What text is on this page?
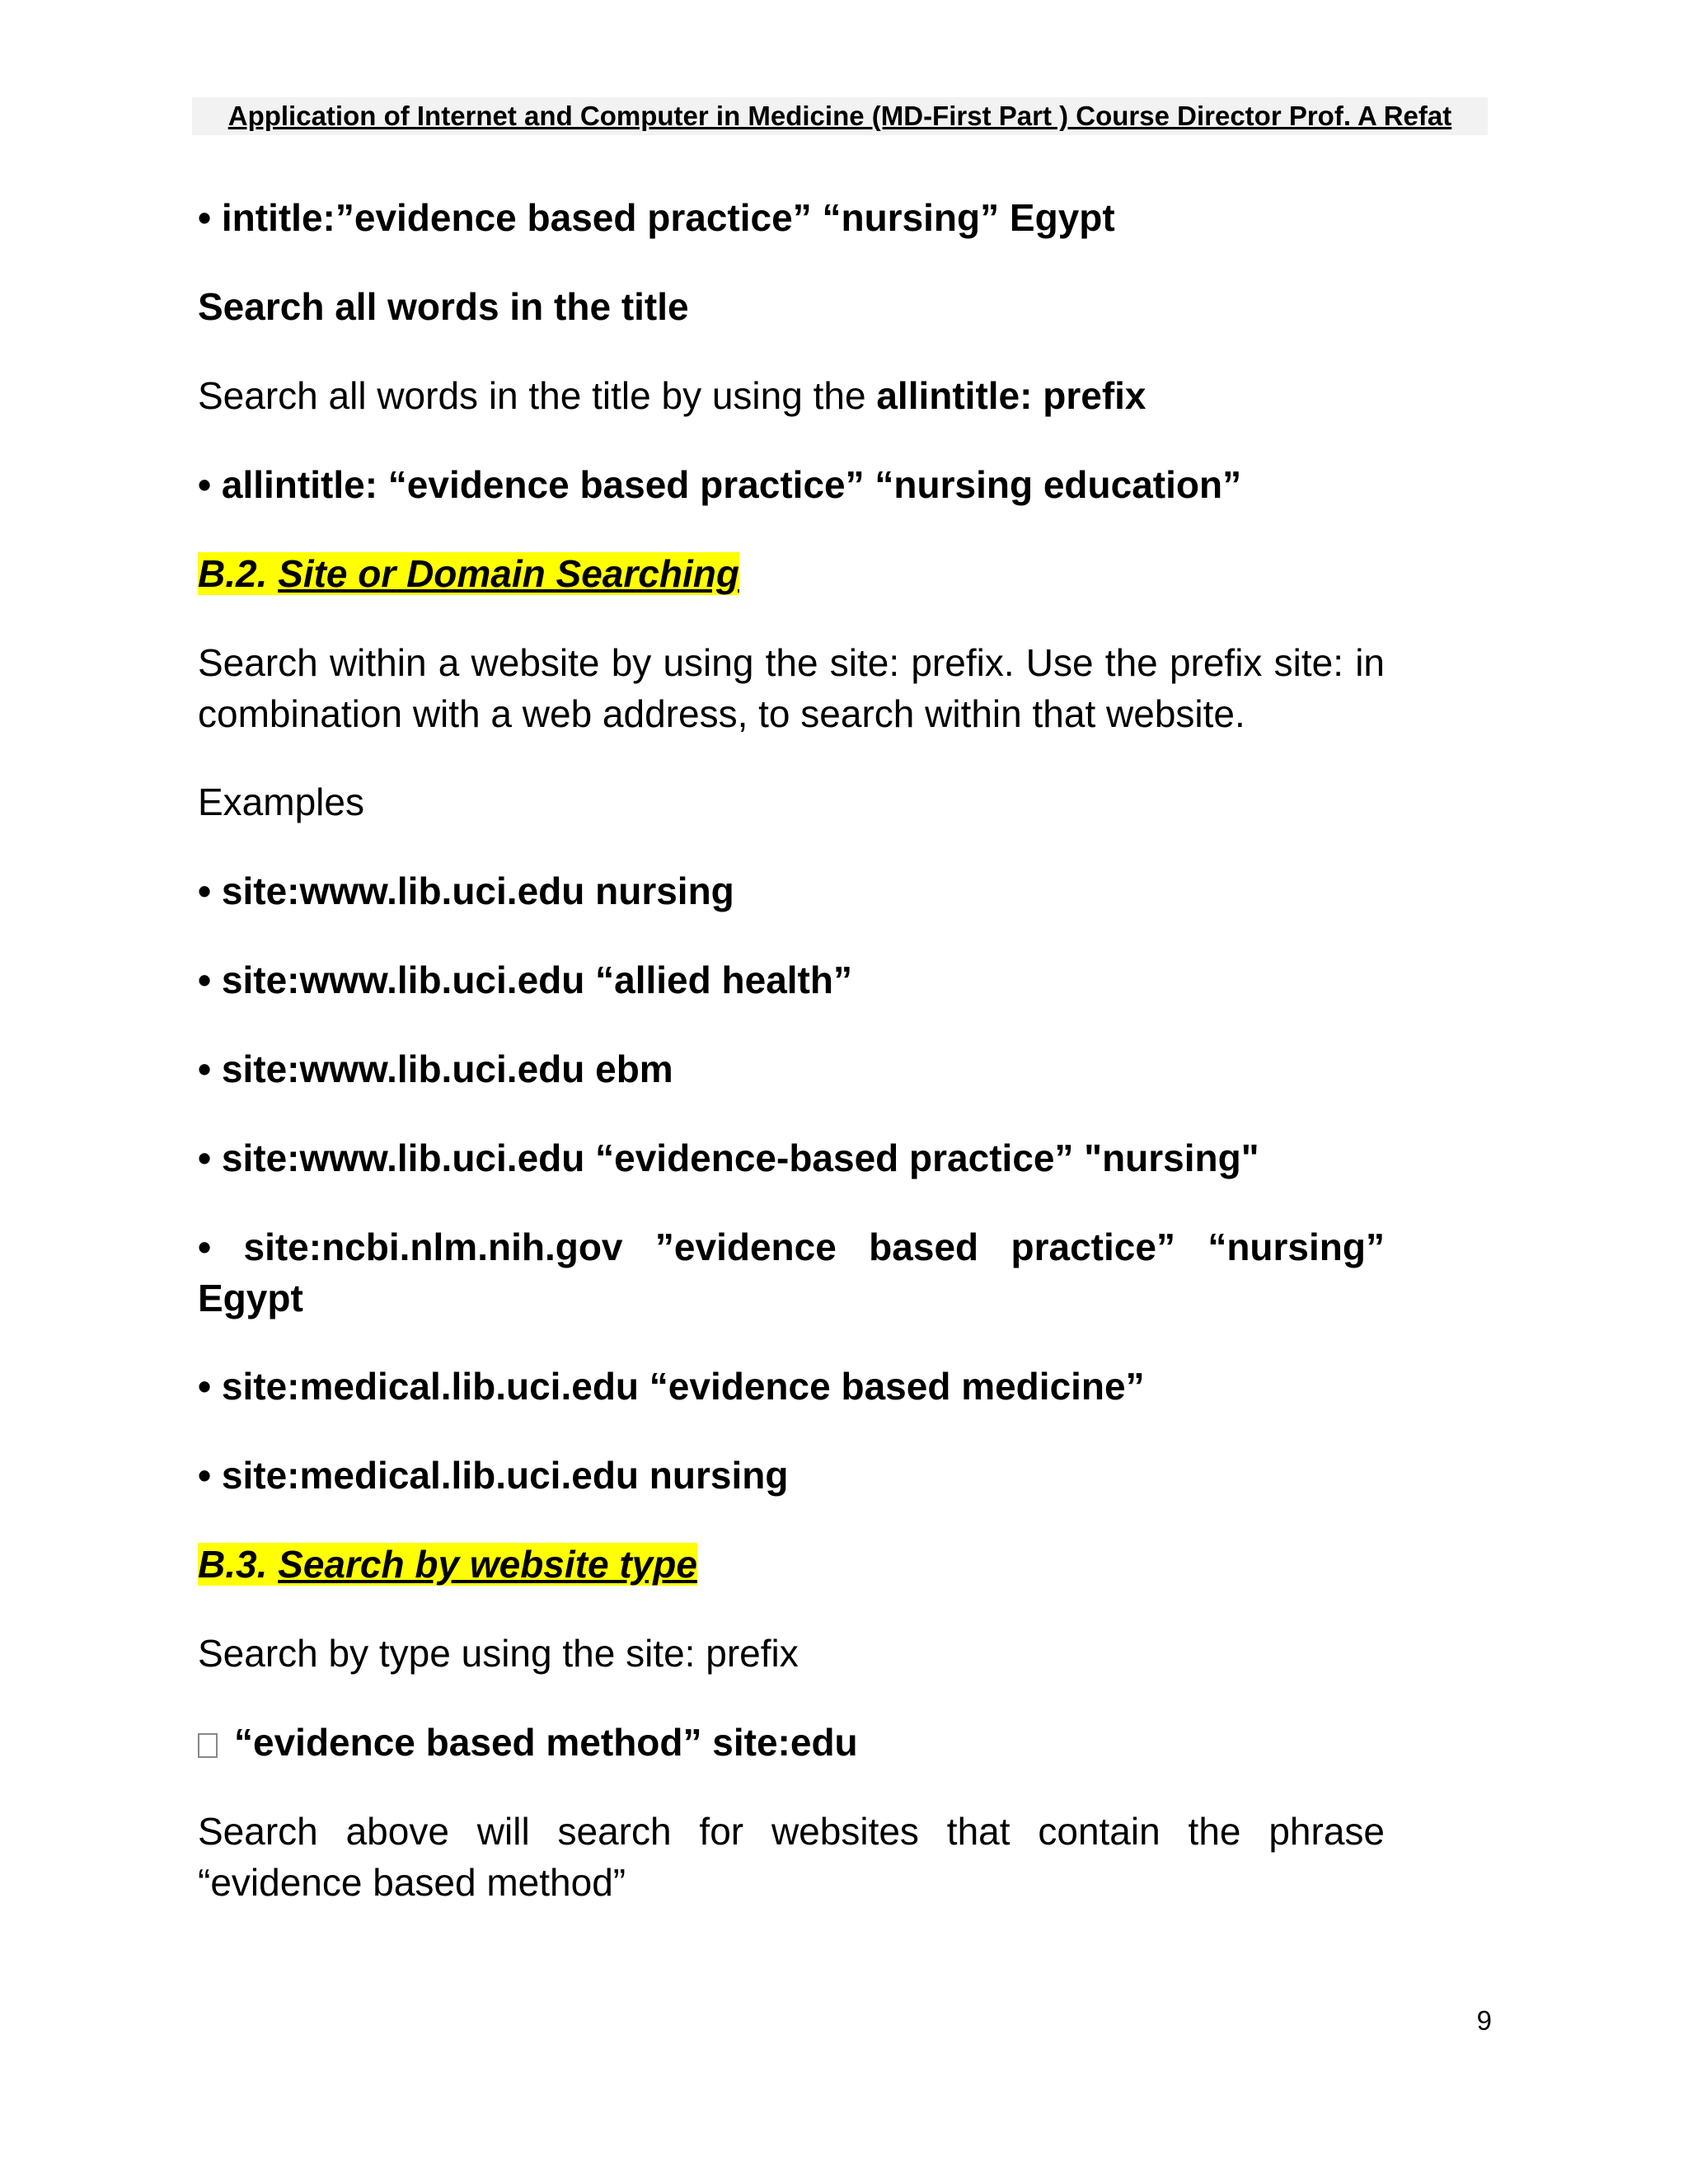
Application of Internet and Computer in Medicine (MD-First Part ) Course Director Prof. A Refat

• intitle:”evidence based practice” “nursing” Egypt

Search all words in the title

Search all words in the title by using the allintitle: prefix

• allintitle: “evidence based practice” “nursing education”

B.2. Site or Domain Searching

Search within a website by using the site: prefix. Use the prefix site: in combination with a web address, to search within that website.

Examples

• site:www.lib.uci.edu nursing

• site:www.lib.uci.edu “allied health”

• site:www.lib.uci.edu ebm

• site:www.lib.uci.edu “evidence-based practice” "nursing"

• site:ncbi.nlm.nih.gov ”evidence based practice” “nursing” Egypt

• site:medical.lib.uci.edu “evidence based medicine”

• site:medical.lib.uci.edu nursing

B.3. Search by website type

Search by type using the site: prefix

“evidence based method” site:edu

Search above will search for websites that contain the phrase “evidence based method”

9
